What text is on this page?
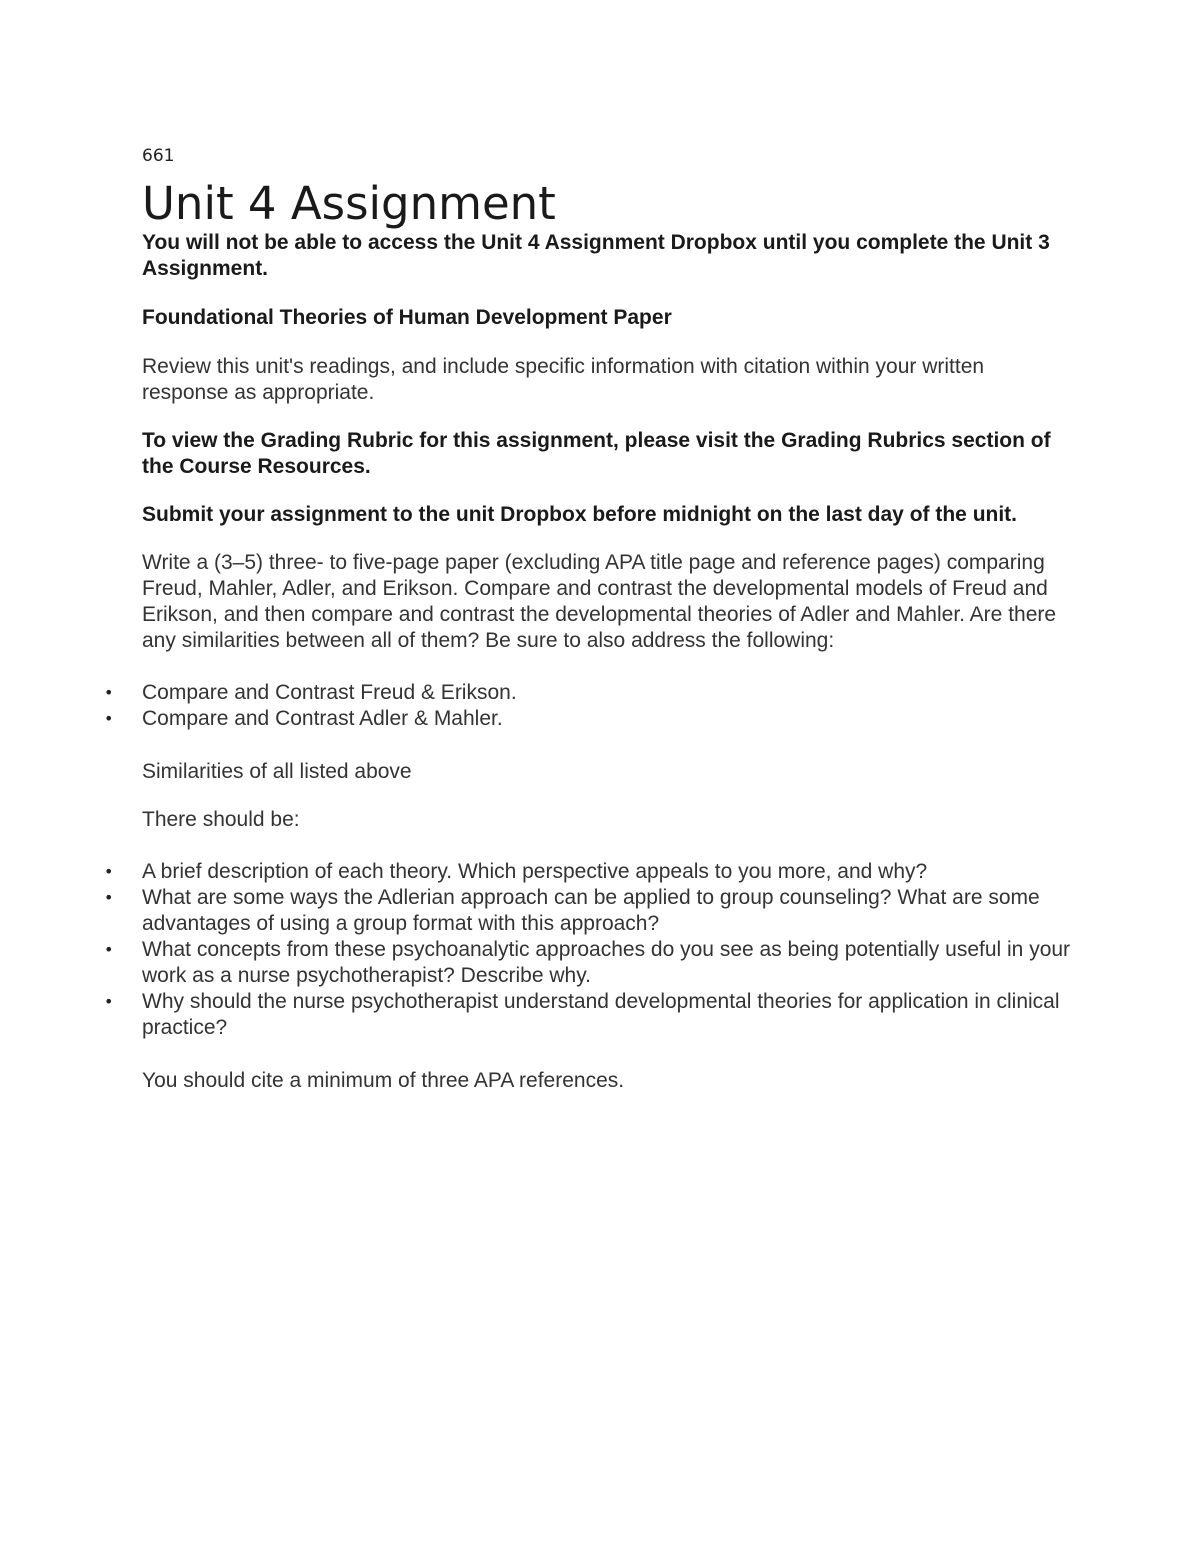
661
Unit 4 Assignment

You will not be able to access the Unit 4 Assignment Dropbox until you complete the Unit 3 Assignment.

Foundational Theories of Human Development Paper

Review this unit's readings, and include specific information with citation within your written response as appropriate.

To view the Grading Rubric for this assignment, please visit the Grading Rubrics section of the Course Resources.

Submit your assignment to the unit Dropbox before midnight on the last day of the unit.

Write a (3–5) three- to five-page paper (excluding APA title page and reference pages) comparing Freud, Mahler, Adler, and Erikson. Compare and contrast the developmental models of Freud and Erikson, and then compare and contrast the developmental theories of Adler and Mahler. Are there any similarities between all of them? Be sure to also address the following:

• Compare and Contrast Freud & Erikson.
• Compare and Contrast Adler & Mahler.

Similarities of all listed above

There should be:

• A brief description of each theory. Which perspective appeals to you more, and why?
• What are some ways the Adlerian approach can be applied to group counseling? What are some advantages of using a group format with this approach?
• What concepts from these psychoanalytic approaches do you see as being potentially useful in your work as a nurse psychotherapist? Describe why.
• Why should the nurse psychotherapist understand developmental theories for application in clinical practice?

You should cite a minimum of three APA references.
